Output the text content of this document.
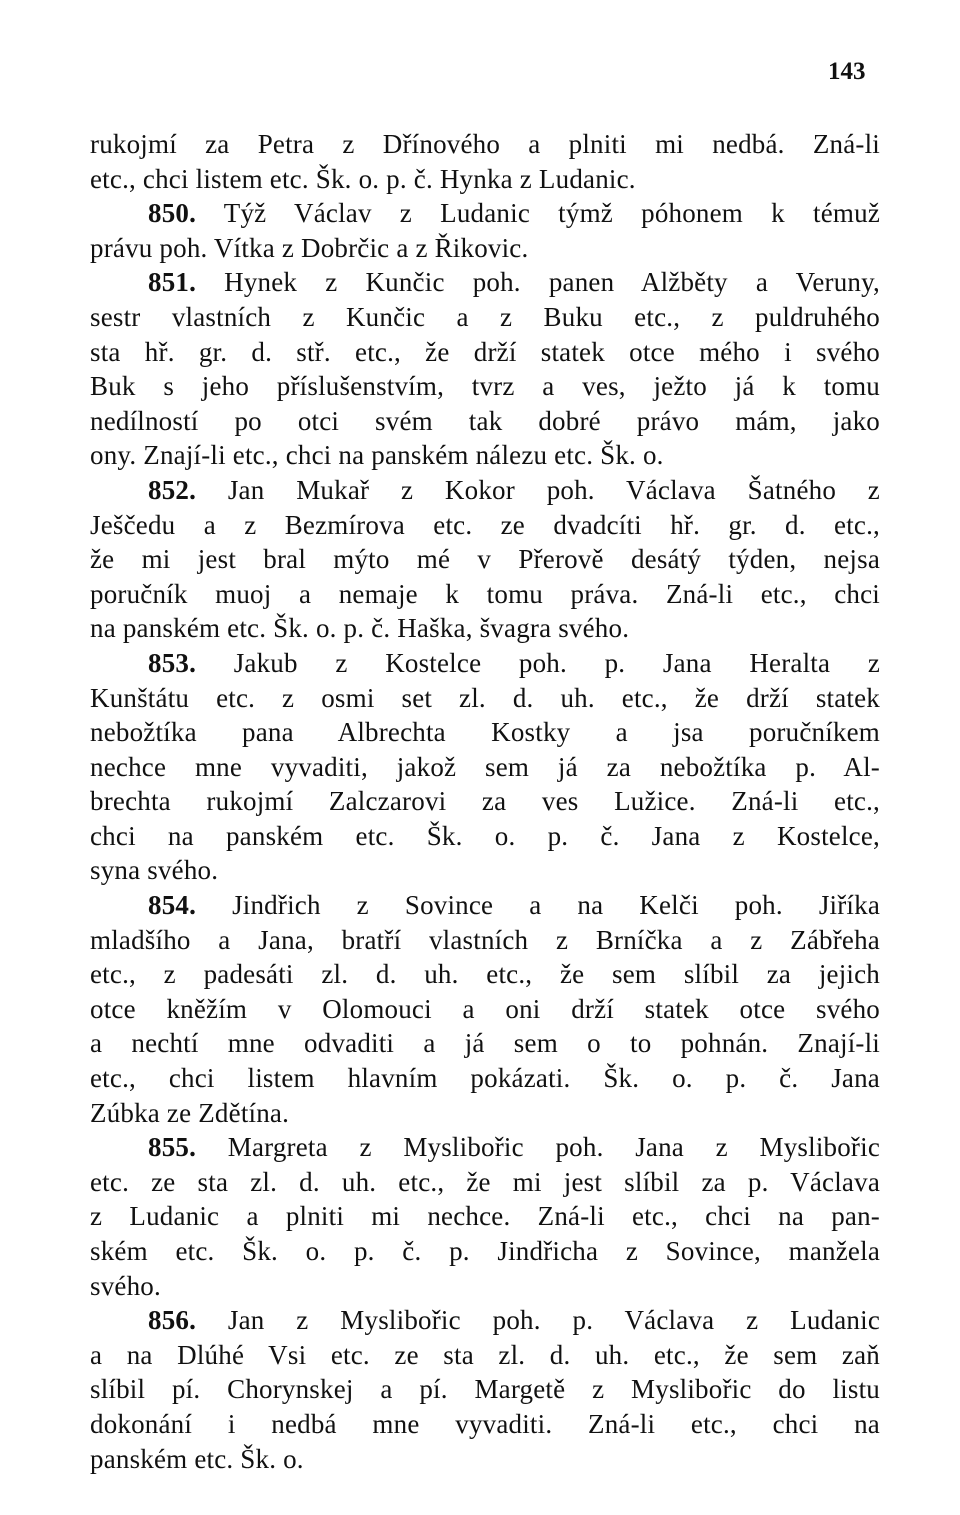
143
rukojmí za Petra z Dřínového a plniti mi nedbá. Zná-li
etc., chci listem etc. Šk. o. p. č. Hynka z Ludanic.
850. Týž Václav z Ludanic týmž póhonem k témuž
právu poh. Vítka z Dobrčic a z Řikovic.
851. Hynek z Kunčic poh. panen Alžběty a Veruny,
sestr vlastních z Kunčic a z Buku etc., z puldruhého
sta hř. gr. d. stř. etc., že drží statek otce mého i svého
Buk s jeho příslušenstvím, tvrz a ves, ježto já k tomu
nedílností po otci svém tak dobré právo mám, jako
ony. Znají-li etc., chci na panském nálezu etc. Šk. o.
852. Jan Mukař z Kokor poh. Václava Šatného z
Ješčedu a z Bezmírova etc. ze dvadcíti hř. gr. d. etc.,
že mi jest bral mýto mé v Přerově desátý týden, nejsa
poručník muoj a nemaje k tomu práva. Zná-li etc., chci
na panském etc. Šk. o. p. č. Haška, švagra svého.
853. Jakub z Kostelce poh. p. Jana Heralta z
Kunštátu etc. z osmi set zl. d. uh. etc., že drží statek
nebožtíka pana Albrechta Kostky a jsa poručníkem
nechce mne vyvaditi, jakož sem já za nebožtíka p. Al-
brechta rukojmí Zalczarovi za ves Lužice. Zná-li etc.,
chci na panském etc. Šk. o. p. č. Jana z Kostelce,
syna svého.
854. Jindřich z Sovince a na Kelči poh. Jiříka
mladšího a Jana, bratří vlastních z Brníčka a z Zábřeha
etc., z padesáti zl. d. uh. etc., že sem slíbil za jejich
otce kněžím v Olomouci a oni drží statek otce svého
a nechtí mne odvaditi a já sem o to pohnán. Znají-li
etc., chci listem hlavním pokázati. Šk. o. p. č. Jana
Zúbka ze Zdětína.
855. Margreta z Myslibořic poh. Jana z Myslibořic
etc. ze sta zl. d. uh. etc., že mi jest slíbil za p. Václava
z Ludanic a plniti mi nechce. Zná-li etc., chci na pan-
ském etc. Šk. o. p. č. p. Jindřicha z Sovince, manžela
svého.
856. Jan z Myslibořic poh. p. Václava z Ludanic
a na Dlúhé Vsi etc. ze sta zl. d. uh. etc., že sem zaň
slíbil pí. Chorynskej a pí. Margetě z Myslibořic do listu
dokonání i nedbá mne vyvaditi. Zná-li etc., chci na
panském etc. Šk. o.
